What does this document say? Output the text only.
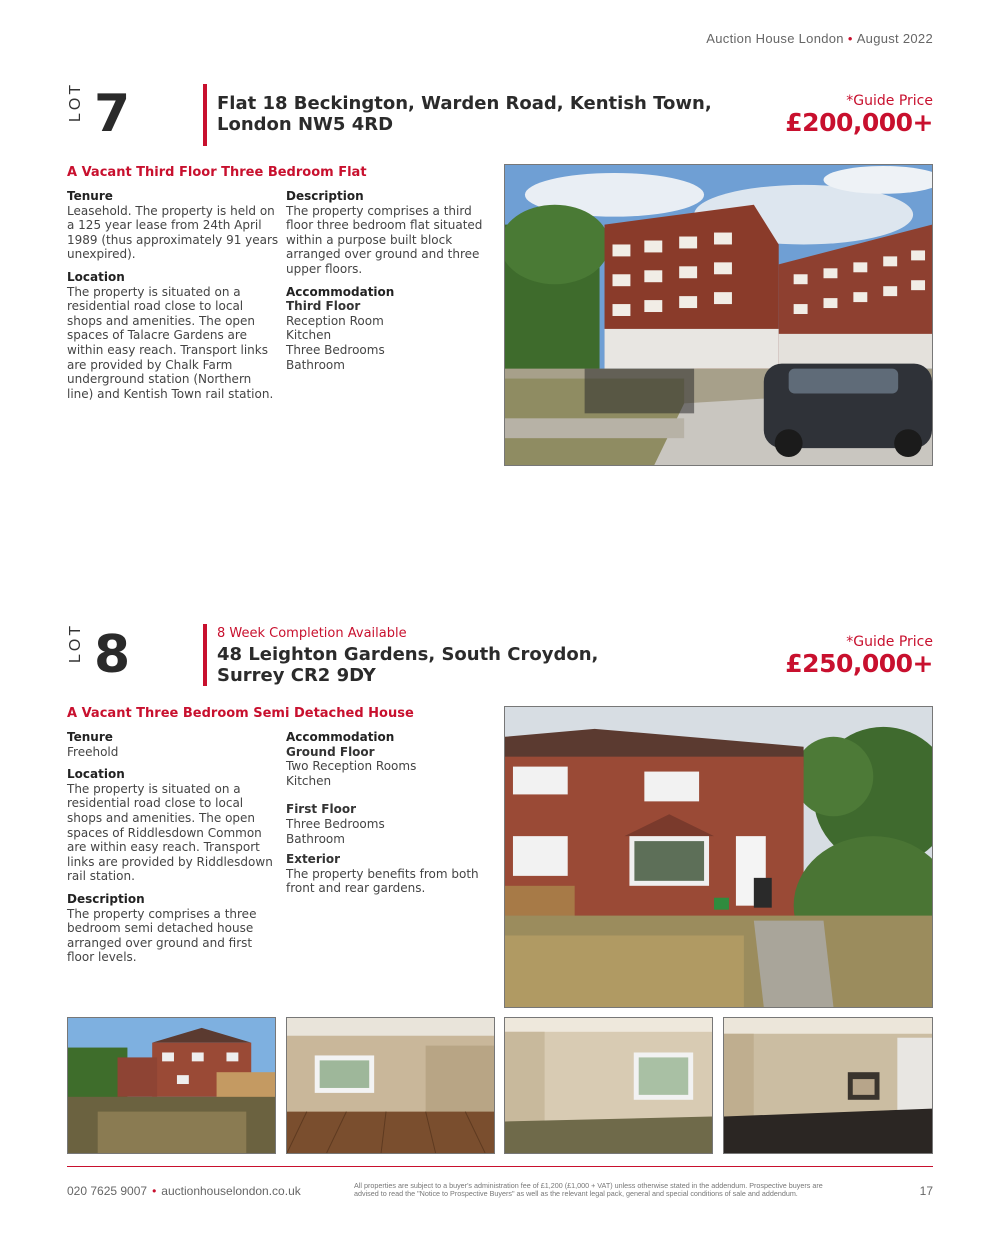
Auction House London • August 2022
LOT 7	Flat 18 Beckington, Warden Road, Kentish Town,
London NW5 4RD
*Guide Price
£200,000+
A Vacant Third Floor Three Bedroom Flat
Tenure

Leasehold. The property is held on a 125 year lease from 24th April 1989 (thus approximately 91 years unexpired).

Location

The property is situated on a residential road close to local shops and amenities. The open spaces of Talacre Gardens are within easy reach. Transport links are provided by Chalk Farm underground station (Northern line) and Kentish Town rail station.

Description

The property comprises a third floor three bedroom flat situated within a purpose built block arranged over ground and three upper floors.

Accommodation
Third Floor
Reception Room
Kitchen
Three Bedrooms
Bathroom
LOT 8	8 Week Completion Available
48 Leighton Gardens, South Croydon,
Surrey CR2 9DY
*Guide Price
£250,000+
A Vacant Three Bedroom Semi Detached House
Tenure

Freehold

Location

The property is situated on a residential road close to local shops and amenities. The open spaces of Riddlesdown Common are within easy reach. Transport links are provided by Riddlesdown rail station.

Description

The property comprises a three bedroom semi detached house arranged over ground and first floor levels.

Accommodation
Ground Floor
Two Reception Rooms
Kitchen
First Floor
Three Bedrooms
Bathroom
Exterior
The property benefits from both front and rear gardens.
020 7625 9007 • auctionhouselondon.co.uk	All properties are subject to a buyer's administration fee of £1,200 (£1,000 + VAT) unless otherwise stated in the addendum. Prospective buyers are advised to read the "Notice to Prospective Buyers" as well as the relevant legal pack, general and special conditions of sale and addendum.	17
